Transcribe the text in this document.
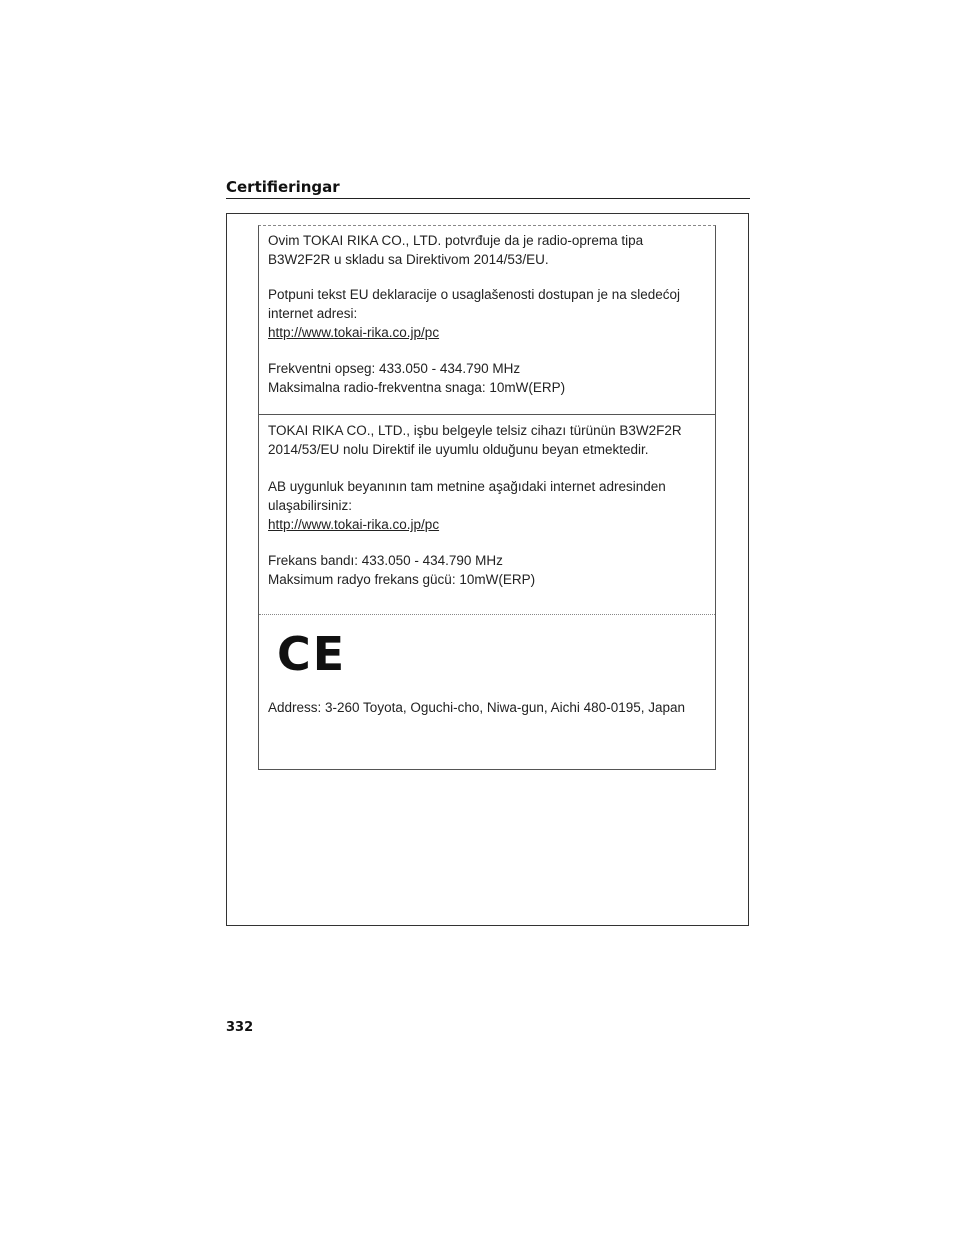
Certifieringar

Ovim TOKAI RIKA CO., LTD. potvrđuje da je radio-oprema tipa

B3W2F2R u skladu sa Direktivom 2014/53/EU.

Potpuni tekst EU deklaracije o usaglašenosti dostupan je na sledećoj

internet adresi:

http://www.tokai-rika.co.jp/pc

Frekventni opseg: 433.050 - 434.790 MHz

Maksimalna radio-frekventna snaga: 10mW(ERP)

TOKAI RIKA CO., LTD., işbu belgeyle telsiz cihazı türünün B3W2F2R

2014/53/EU nolu Direktif ile uyumlu olduğunu beyan etmektedir.

AB uygunluk beyanının tam metnine aşağıdaki internet adresinden

ulaşabilirsiniz:

http://www.tokai-rika.co.jp/pc

Frekans bandı: 433.050 - 434.790 MHz

Maksimum radyo frekans gücü: 10mW(ERP)

CE

Address: 3-260 Toyota, Oguchi-cho, Niwa-gun, Aichi 480-0195, Japan

332
